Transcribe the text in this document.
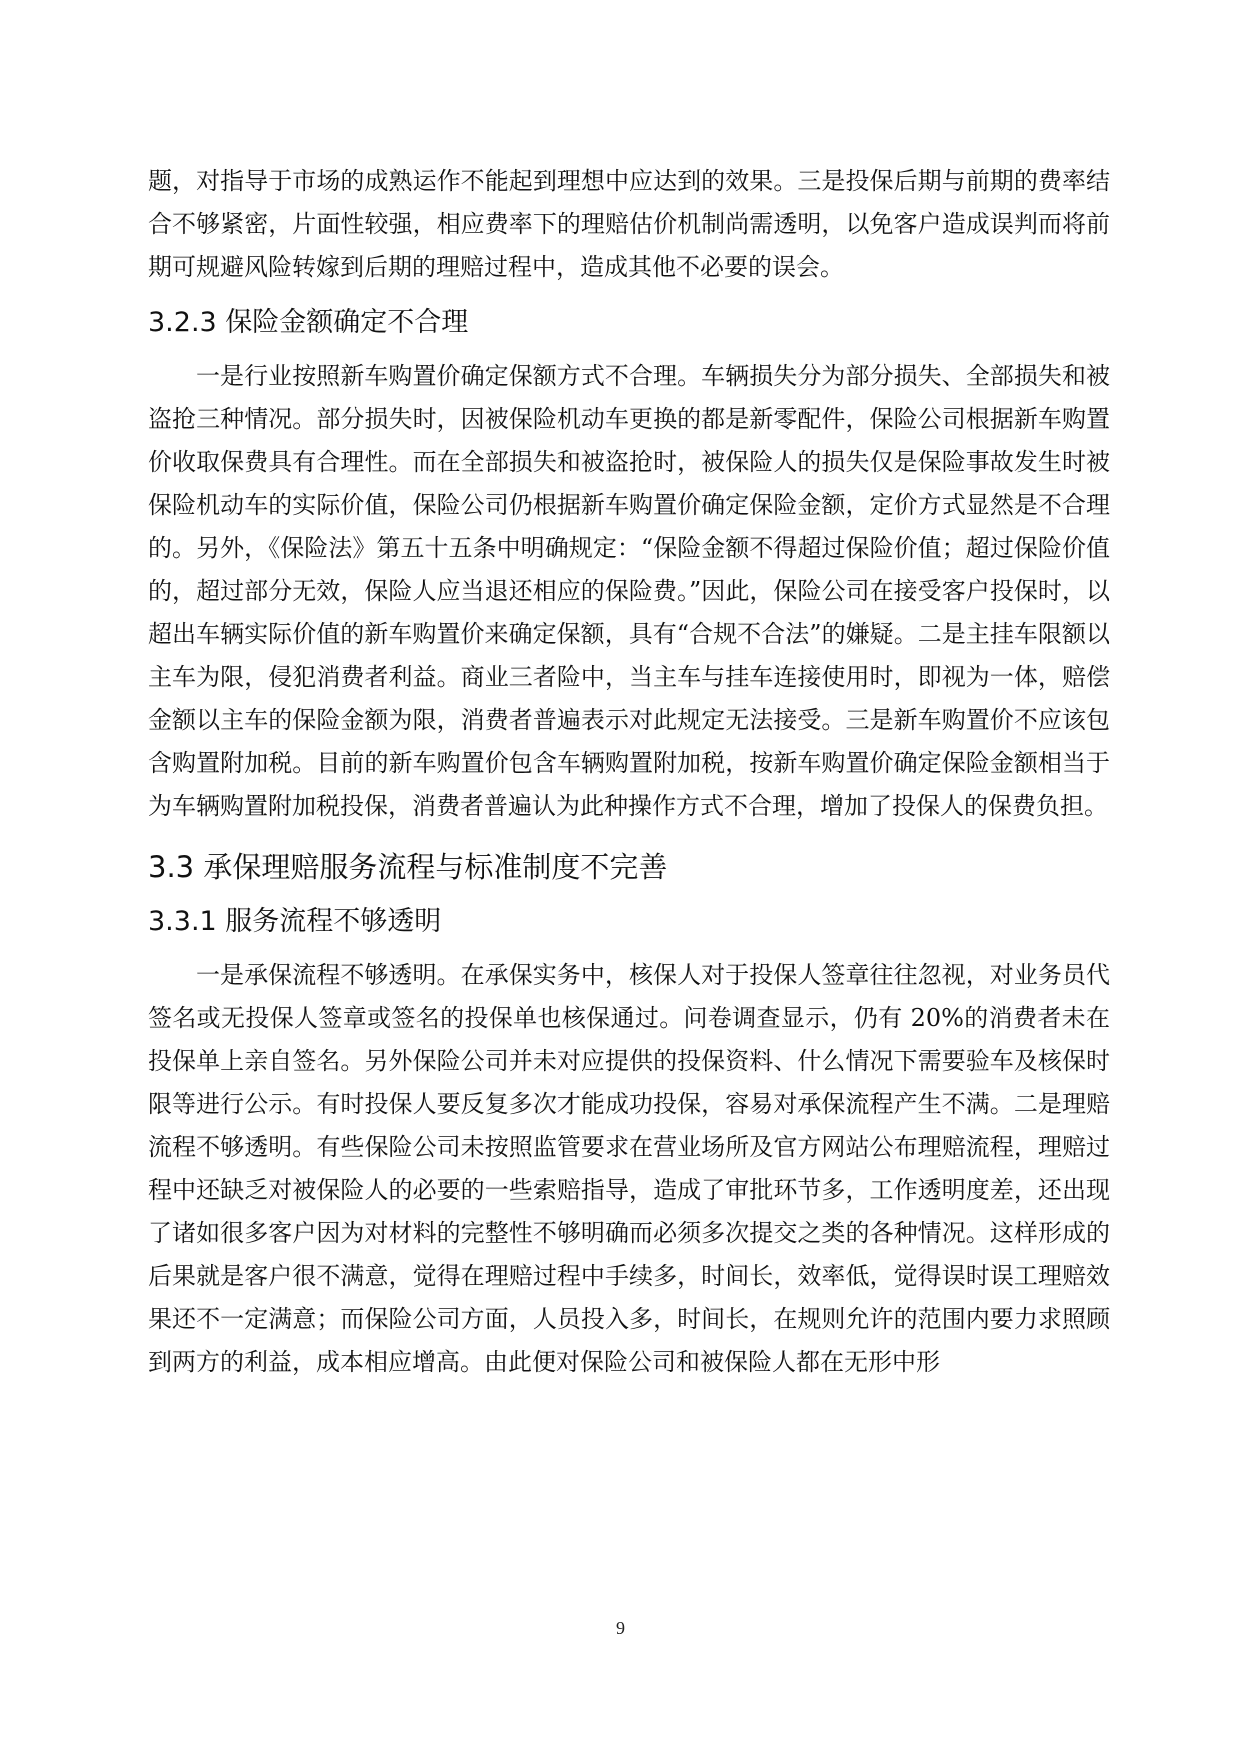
题，对指导于市场的成熟运作不能起到理想中应达到的效果。三是投保后期与前期的费率结合不够紧密，片面性较强，相应费率下的理赔估价机制尚需透明，以免客户造成误判而将前期可规避风险转嫁到后期的理赔过程中，造成其他不必要的误会。

3.2.3 保险金额确定不合理

一是行业按照新车购置价确定保额方式不合理。车辆损失分为部分损失、全部损失和被盗抢三种情况。部分损失时，因被保险机动车更换的都是新零配件，保险公司根据新车购置价收取保费具有合理性。而在全部损失和被盗抢时，被保险人的损失仅是保险事故发生时被保险机动车的实际价值，保险公司仍根据新车购置价确定保险金额，定价方式显然是不合理的。另外，《保险法》第五十五条中明确规定：“保险金额不得超过保险价值；超过保险价值的，超过部分无效，保险人应当退还相应的保险费。”因此，保险公司在接受客户投保时，以超出车辆实际价值的新车购置价来确定保额，具有“合规不合法”的嫌疑。二是主挂车限额以主车为限，侵犯消费者利益。商业三者险中，当主车与挂车连接使用时，即视为一体，赔偿金额以主车的保险金额为限，消费者普遍表示对此规定无法接受。三是新车购置价不应该包含购置附加税。目前的新车购置价包含车辆购置附加税，按新车购置价确定保险金额相当于为车辆购置附加税投保，消费者普遍认为此种操作方式不合理，增加了投保人的保费负担。

3.3 承保理赔服务流程与标准制度不完善
3.3.1 服务流程不够透明

一是承保流程不够透明。在承保实务中，核保人对于投保人签章往往忽视，对业务员代签名或无投保人签章或签名的投保单也核保通过。问卷调查显示，仍有 20%的消费者未在投保单上亲自签名。另外保险公司并未对应提供的投保资料、什么情况下需要验车及核保时限等进行公示。有时投保人要反复多次才能成功投保，容易对承保流程产生不满。二是理赔流程不够透明。有些保险公司未按照监管要求在营业场所及官方网站公布理赔流程，理赔过程中还缺乏对被保险人的必要的一些索赔指导，造成了审批环节多，工作透明度差，还出现了诸如很多客户因为对材料的完整性不够明确而必须多次提交之类的各种情况。这样形成的后果就是客户很不满意，觉得在理赔过程中手续多，时间长，效率低，觉得误时误工理赔效果还不一定满意；而保险公司方面，人员投入多，时间长，在规则允许的范围内要力求照顾到两方的利益，成本相应增高。由此便对保险公司和被保险人都在无形中形

9
